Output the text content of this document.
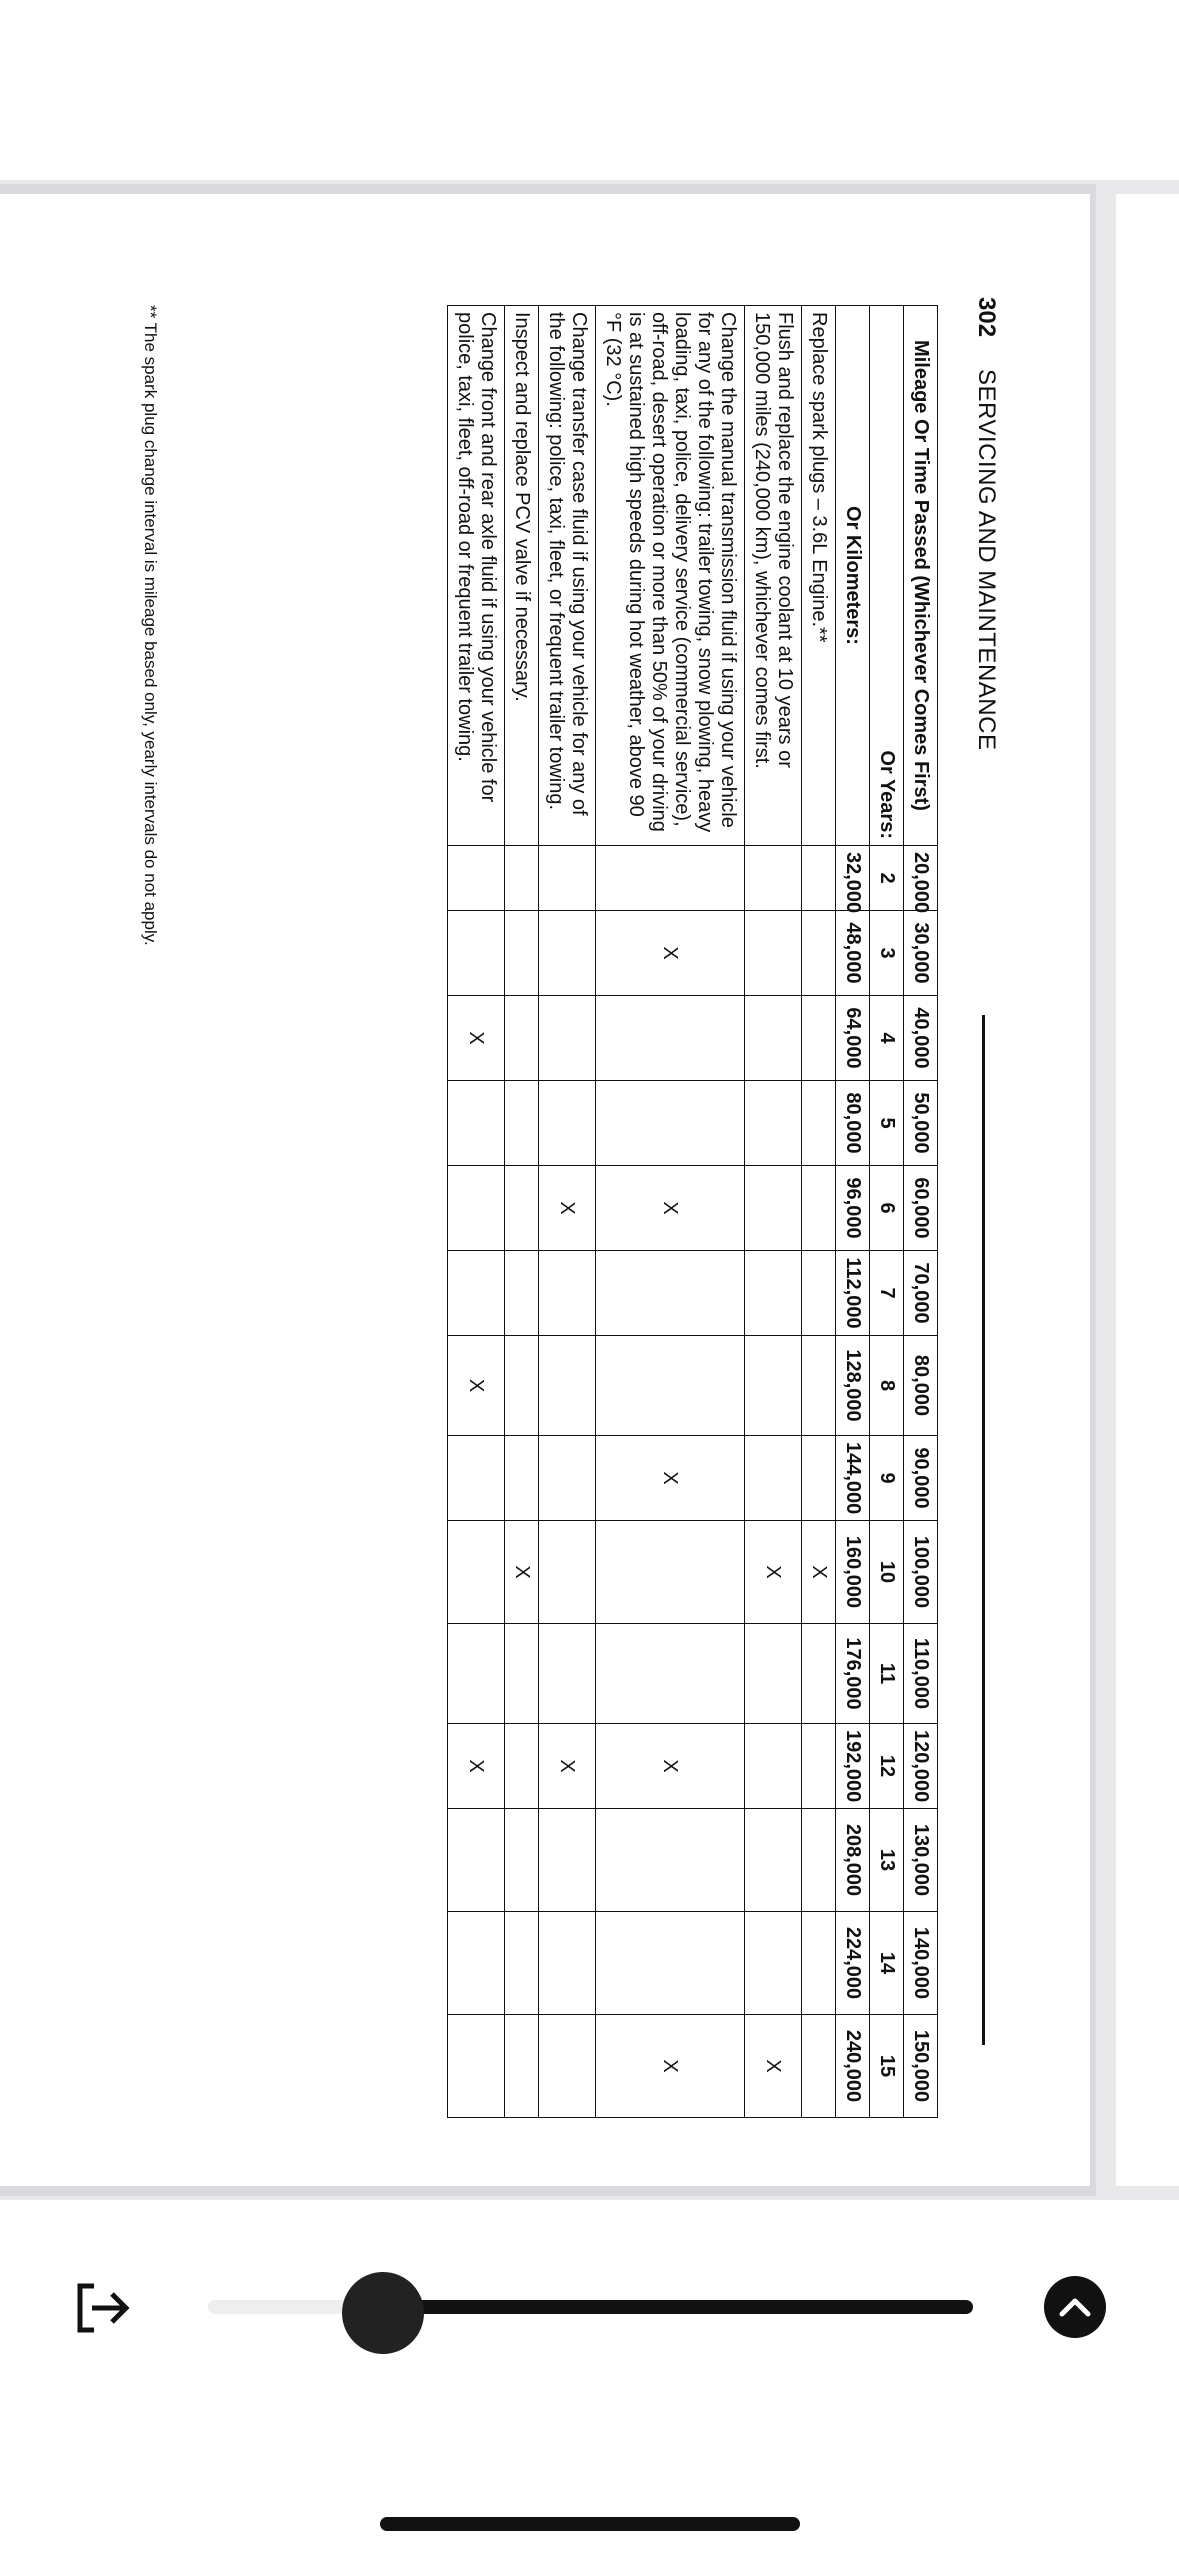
302
SERVICING AND MAINTENANCE
Mileage Or Time Passed (Whichever Comes First)	20,000	30,000	40,000	50,000	60,000	70,000	80,000	90,000	100,000	110,000	120,000	130,000	140,000	150,000
Or Years:	2	3	4	5	6	7	8	9	10	11	12	13	14	15
Or Kilometers:	32,000	48,000	64,000	80,000	96,000	112,000	128,000	144,000	160,000	176,000	192,000	208,000	224,000	240,000
Replace spark plugs – 3.6L Engine.**									X					
Flush and replace the engine coolant at 10 years or 150,000 miles (240,000 km), whichever comes first.									X					X
Change the manual transmission fluid if using your vehicle for any of the following: trailer towing, snow plowing, heavy loading, taxi, police, delivery service (commercial service), off-road, desert operation or more than 50% of your driving is at sustained high speeds during hot weather, above 90 °F (32 °C).		X			X			X			X			X
Change transfer case fluid if using your vehicle for any of the following: police, taxi, fleet, or frequent trailer towing.					X						X			
Inspect and replace PCV valve if necessary.									X					
Change front and rear axle fluid if using your vehicle for police, taxi, fleet, off-road or frequent trailer towing.			X				X				X			
** The spark plug change interval is mileage based only, yearly intervals do not apply.
